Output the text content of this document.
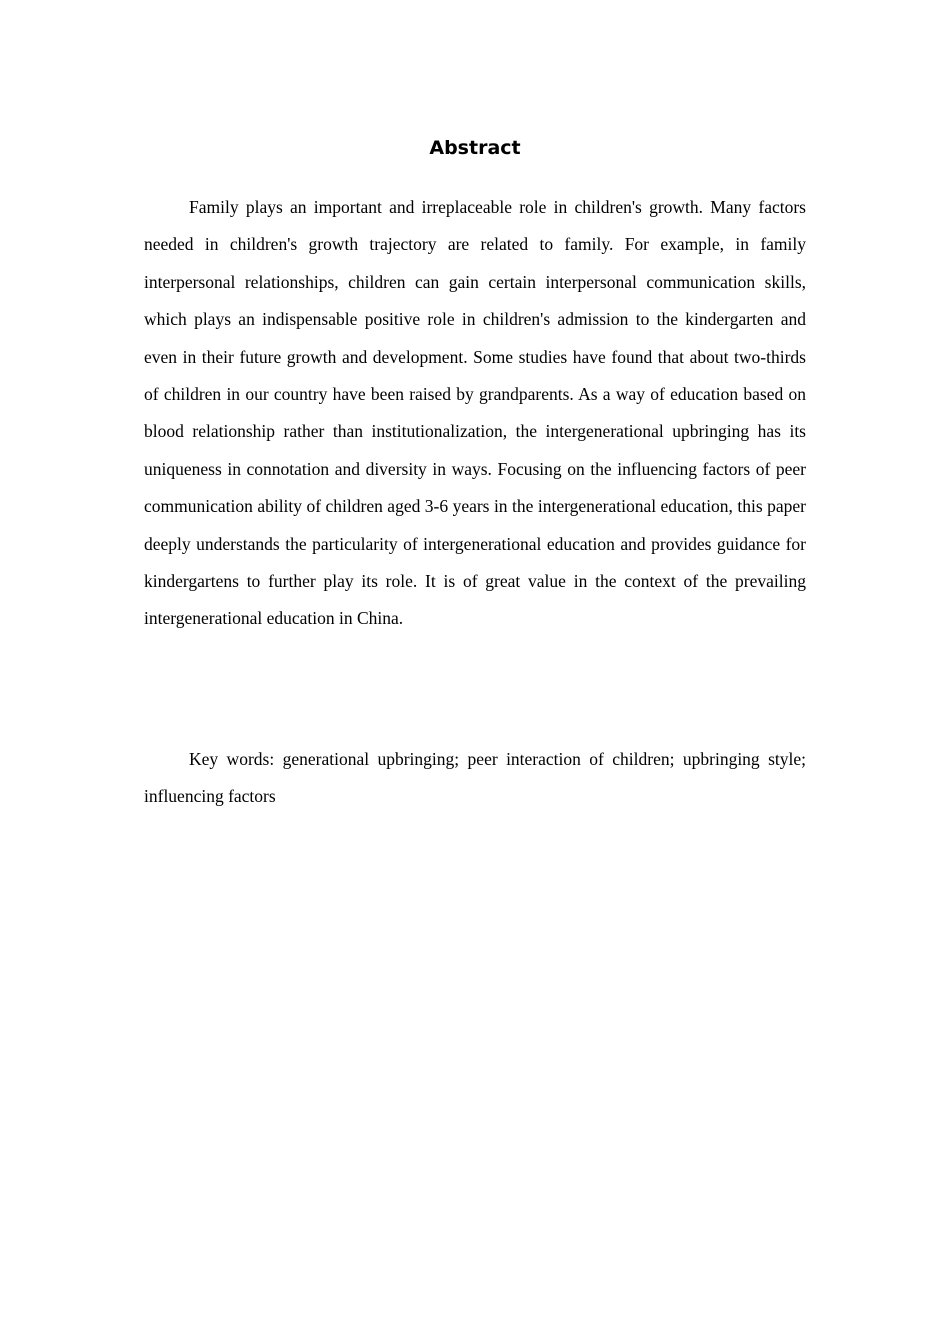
Abstract

Family plays an important and irreplaceable role in children's growth. Many factors needed in children's growth trajectory are related to family. For example, in family interpersonal relationships, children can gain certain interpersonal communication skills, which plays an indispensable positive role in children's admission to the kindergarten and even in their future growth and development. Some studies have found that about two-thirds of children in our country have been raised by grandparents. As a way of education based on blood relationship rather than institutionalization, the intergenerational upbringing has its uniqueness in connotation and diversity in ways. Focusing on the influencing factors of peer communication ability of children aged 3-6 years in the intergenerational education, this paper deeply understands the particularity of intergenerational education and provides guidance for kindergartens to further play its role. It is of great value in the context of the prevailing intergenerational education in China.

Key words: generational upbringing; peer interaction of children; upbringing style; influencing factors
